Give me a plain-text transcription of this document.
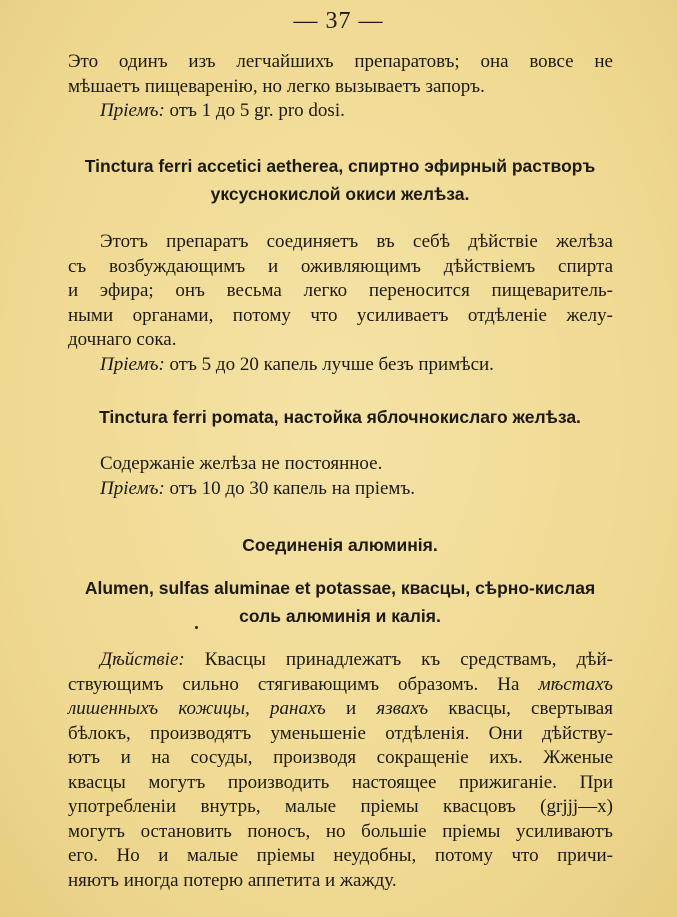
— 37 —
Это одинъ изъ легчайшихъ препаратовъ; она вовсе не
мѣшаетъ пищеваренію, но легко вызываетъ запоръ.
Пріемъ: отъ 1 до 5 gr. pro dosi.
Tinctura ferri accetici aetherea, спиртно эфирный растворъ
уксуснокислой окиси желѣза.
Этотъ препаратъ соединяетъ въ себѣ дѣйствіе желѣза
съ возбуждающимъ и оживляющимъ дѣйствіемъ спирта
и эфира; онъ весьма легко переносится пищеваритель-
ными органами, потому что усиливаетъ отдѣленіе желу-
дочнаго сока.
Пріемъ: отъ 5 до 20 капель лучше безъ примѣси.
Tinctura ferri pomata, настойка яблочнокислаго желѣза.
Содержаніе желѣза не постоянное.
Пріемъ: отъ 10 до 30 капель на пріемъ.
Соединенія алюминія.
Alumen, sulfas aluminae et potassae, квасцы, сѣрно-кислая
соль алюминія и калія.
Дѣйствіе: Квасцы принадлежатъ къ средствамъ, дѣй-
ствующимъ сильно стягивающимъ образомъ. На мѣстахъ
лишенныхъ кожицы, ранахъ и язвахъ квасцы, свертывая
бѣлокъ, производятъ уменьшеніе отдѣленія. Они дѣйству-
ютъ и на сосуды, производя сокращеніе ихъ. Жженые
квасцы могутъ производить настоящее прижиганіе. При
употребленіи внутрь, малые пріемы квасцовъ (grjjj—x)
могутъ остановить поносъ, но большіе пріемы усиливаютъ
его. Но и малые пріемы неудобны, потому что причи-
няютъ иногда потерю аппетита и жажду.
